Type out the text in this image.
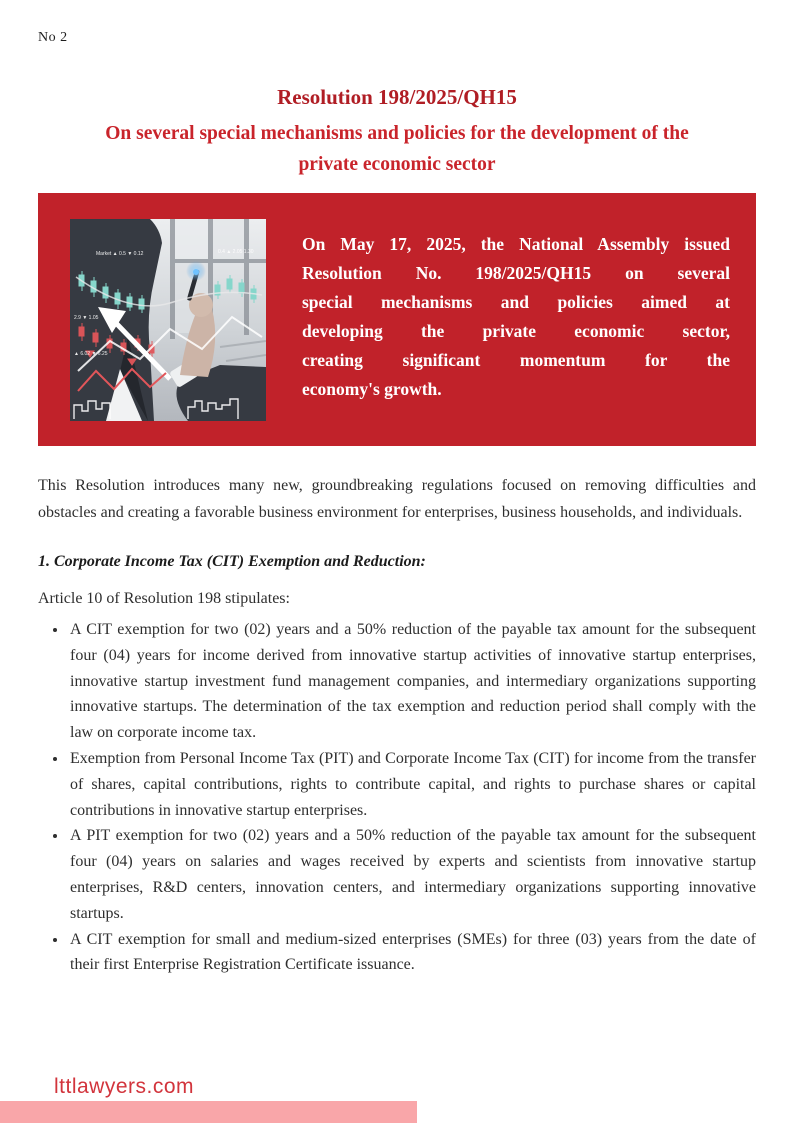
No 2
Resolution 198/2025/QH15
On several special mechanisms and policies for the development of the private economic sector
Market ▲ 0.5 ▼ 0.12	0.4 ▲ 2.05 1.30
2.9 ▼ 1.05
▲ 6.02 ▼ 6.25
On May 17, 2025, the National Assembly issued
Resolution No. 198/2025/QH15 on several
special mechanisms and policies aimed at
developing the private economic sector,
creating significant momentum for the
economy's growth.

This Resolution introduces many new, groundbreaking regulations focused on removing difficulties and obstacles and creating a favorable business environment for enterprises, business households, and individuals.

1. Corporate Income Tax (CIT) Exemption and Reduction:

Article 10 of Resolution 198 stipulates:

• A CIT exemption for two (02) years and a 50% reduction of the payable tax amount for the subsequent four (04) years for income derived from innovative startup activities of innovative startup enterprises, innovative startup investment fund management companies, and intermediary organizations supporting innovative startups. The determination of the tax exemption and reduction period shall comply with the law on corporate income tax.
• Exemption from Personal Income Tax (PIT) and Corporate Income Tax (CIT) for income from the transfer of shares, capital contributions, rights to contribute capital, and rights to purchase shares or capital contributions in innovative startup enterprises.
• A PIT exemption for two (02) years and a 50% reduction of the payable tax amount for the subsequent four (04) years on salaries and wages received by experts and scientists from innovative startup enterprises, R&D centers, innovation centers, and intermediary organizations supporting innovative startups.
• A CIT exemption for small and medium-sized enterprises (SMEs) for three (03) years from the date of their first Enterprise Registration Certificate issuance.
lttlawyers.com
